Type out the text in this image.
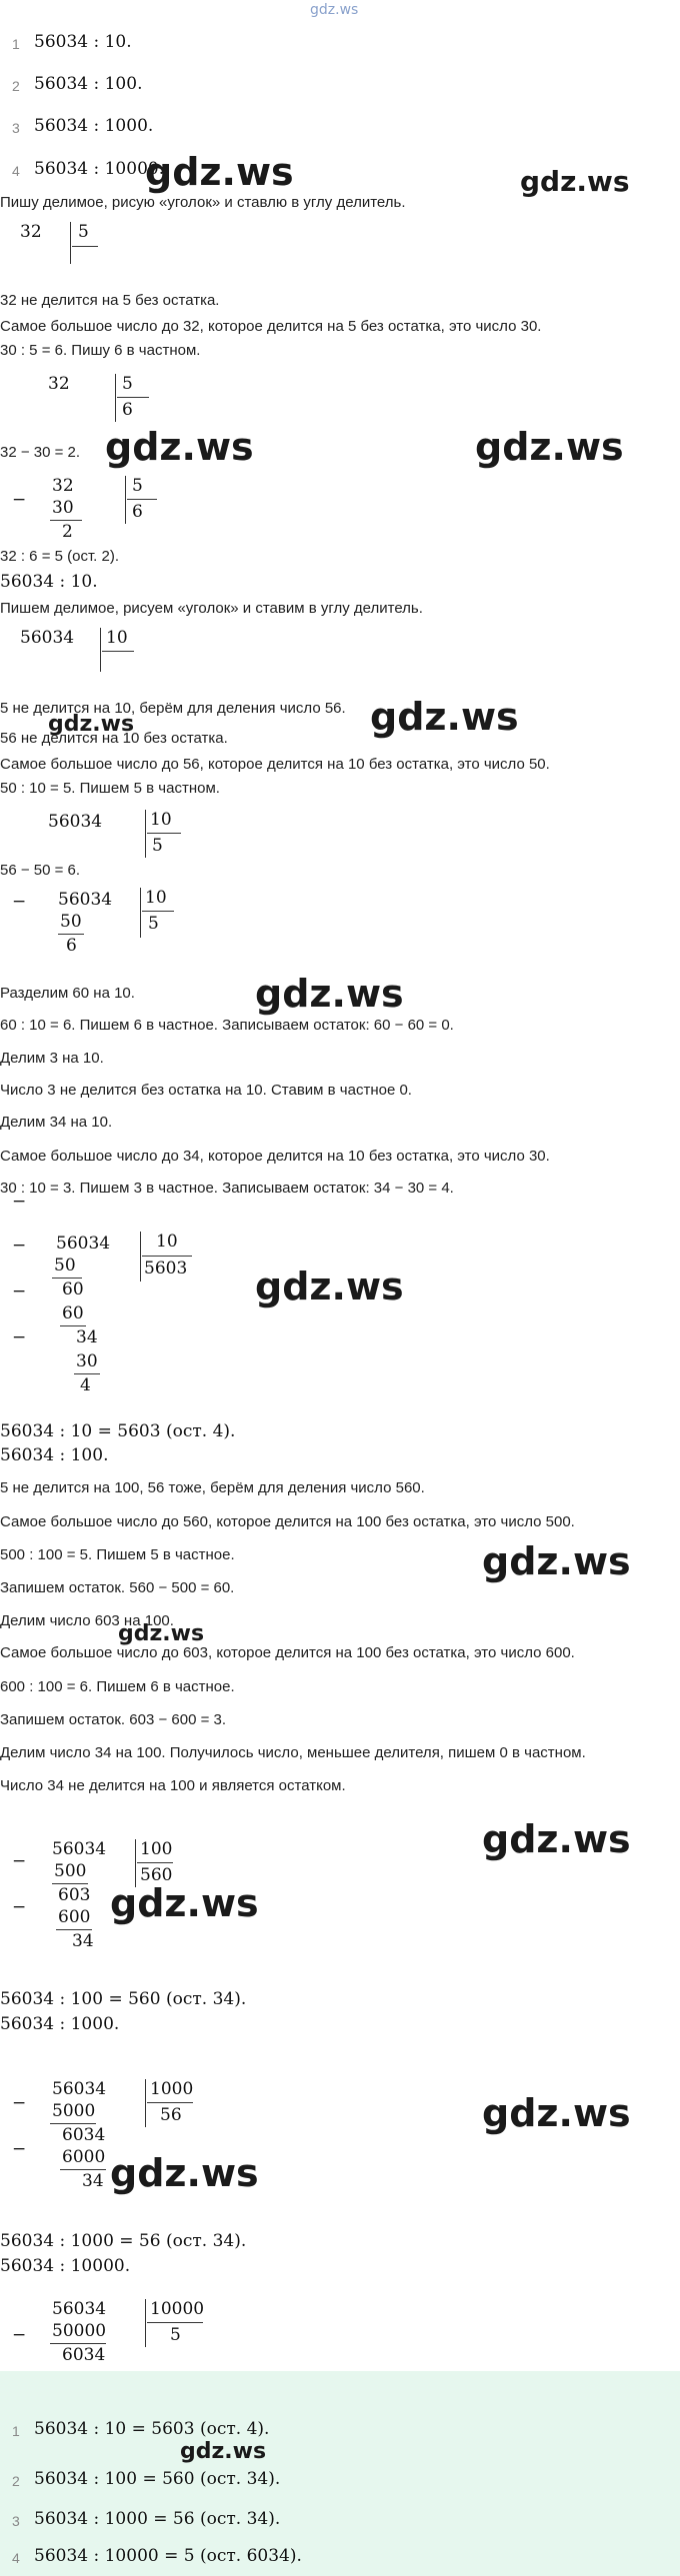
gdz.ws
1 56034 : 10.
2 56034 : 100.
3 56034 : 1000.
4 56034 : 10000.
gdz.ws	gdz.ws
Пишу делимое, рисую «уголок» и ставлю в углу делитель.
32 5
32 не делится на 5 без остатка.
Самое большое число до 32, которое делится на 5 без остатка, это число 30.
30 : 5 = 6. Пишу 6 в частном.
32	5
6
32 − 30 = 2. gdz.ws	gdz.ws
−
32
30
2
5
6
32 : 6 = 5 (ост. 2).
56034 : 10.
Пишем делимое, рисуем «уголок» и ставим в углу делитель.
56034 10
5 не делится на 10, берём для деления число 56. gdz.ws
gdz.ws
56 не делится на 10 без остатка.
Самое большое число до 56, которое делится на 10 без остатка, это число 50.
50 : 10 = 5. Пишем 5 в частном.
56034	10
5
56 − 50 = 6.
− 56034
50
6
10
5
Разделим 60 на 10.	gdz.ws
60 : 10 = 6. Пишем 6 в частное. Записываем остаток: 60 − 60 = 0.
Делим 3 на 10.
Число 3 не делится без остатка на 10. Ставим в частное 0.
Делим 34 на 10.
Самое большое число до 34, которое делится на 10 без остатка, это число 30.
30 : 10 = 3. Пишем 3 в частное. Записываем остаток: 34 − 30 = 4.
−
56034
−
50
− 60
60
−	34
30
4
10
5603 gdz.ws
56034 : 10 = 5603 (ост. 4).
56034 : 100.
5 не делится на 100, 56 тоже, берём для деления число 560.
Самое большое число до 560, которое делится на 100 без остатка, это число 500.
500 : 100 = 5. Пишем 5 в частное.	gdz.ws
Запишем остаток. 560 − 500 = 60.
Делим число 603 на 100.
gdz.ws
Самое большое число до 603, которое делится на 100 без остатка, это число 600.
600 : 100 = 6. Пишем 6 в частное.
Запишем остаток. 603 − 600 = 3.
Делим число 34 на 100. Получилось число, меньшее делителя, пишем 0 в частном.
Число 34 не делится на 100 и является остатком.
−
56034
500
−
603
600
34
100
560
gdz.ws
gdz.ws
56034 : 100 = 560 (ост. 34).
56034 : 1000.
−
56034
5000
−
6034
6000
34
1000
56	gdz.ws
gdz.ws
56034 : 1000 = 56 (ост. 34).
56034 : 10000.
−
56034
50000
6034
10000
5
1 56034 : 10 = 5603 (ост. 4).
gdz.ws
2 56034 : 100 = 560 (ост. 34).
3 56034 : 1000 = 56 (ост. 34).
4 56034 : 10000 = 5 (ост. 6034).
